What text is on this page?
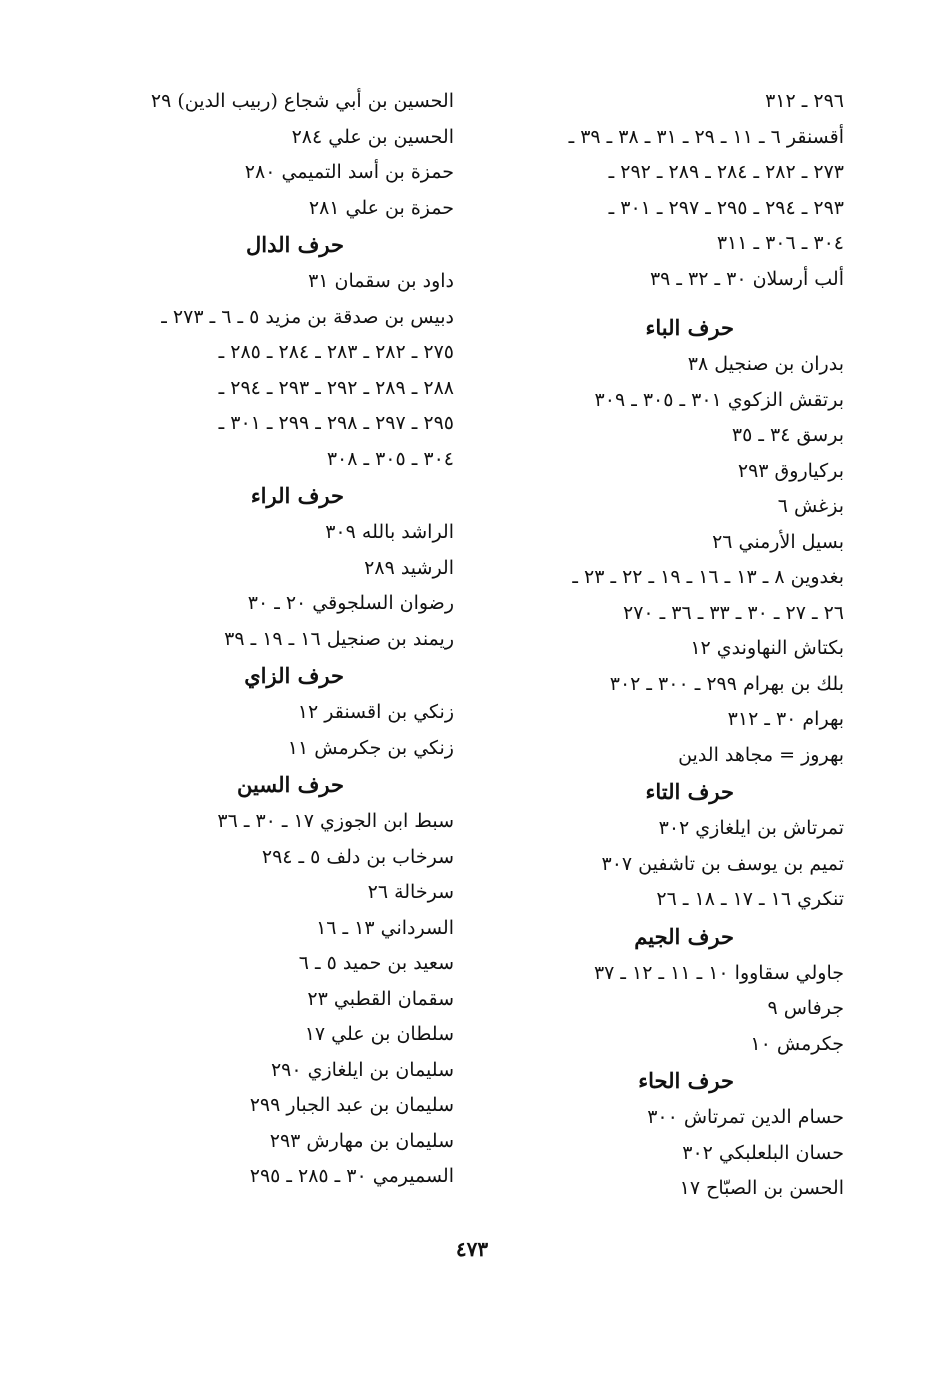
٢٩٦ ـ ٣١٢
أقسنقر ٦ ـ ١١ ـ ٢٩ ـ ٣١ ـ ٣٨ ـ ٣٩ ـ
٢٧٣ ـ ٢٨٢ ـ ٢٨٤ ـ ٢٨٩ ـ ٢٩٢ ـ
٢٩٣ ـ ٢٩٤ ـ ٢٩٥ ـ ٢٩٧ ـ ٣٠١ ـ
٣٠٤ ـ ٣٠٦ ـ ٣١١
ألب أرسلان ٣٠ ـ ٣٢ ـ ٣٩
حرف الباء
بدران بن صنجيل ٣٨
برتقش الزكوي ٣٠١ ـ ٣٠٥ ـ ٣٠٩
برسق ٣٤ ـ ٣٥
بركياروق ٢٩٣
بزغش ٦
بسيل الأرمني ٢٦
بغدوين ٨ ـ ١٣ ـ ١٦ ـ ١٩ ـ ٢٢ ـ ٢٣ ـ
٢٦ ـ ٢٧ ـ ٣٠ ـ ٣٣ ـ ٣٦ ـ ٢٧٠
بكتاش النهاوندي ١٢
بلك بن بهرام ٢٩٩ ـ ٣٠٠ ـ ٣٠٢
بهرام ٣٠ ـ ٣١٢
بهروز = مجاهد الدين
حرف التاء
تمرتاش بن ايلغازي ٣٠٢
تميم بن يوسف بن تاشفين ٣٠٧
تنكري ١٦ ـ ١٧ ـ ١٨ ـ ٢٦
حرف الجيم
جاولي سقاووا ١٠ ـ ١١ ـ ١٢ ـ ٣٧
جرفاس ٩
جكرمش ١٠
حرف الحاء
حسام الدين تمرتاش ٣٠٠
حسان البلعلبكي ٣٠٢
الحسن بن الصبّاح ١٧
الحسين بن أبي شجاع (ربيب الدين) ٢٩
الحسين بن علي ٢٨٤
حمزة بن أسد التميمي ٢٨٠
حمزة بن علي ٢٨١
حرف الدال
داود بن سقمان ٣١
دبيس بن صدقة بن مزيد ٥ ـ ٦ ـ ٢٧٣ ـ
٢٧٥ ـ ٢٨٢ ـ ٢٨٣ ـ ٢٨٤ ـ ٢٨٥ ـ
٢٨٨ ـ ٢٨٩ ـ ٢٩٢ ـ ٢٩٣ ـ ٢٩٤ ـ
٢٩٥ ـ ٢٩٧ ـ ٢٩٨ ـ ٢٩٩ ـ ٣٠١ ـ
٣٠٤ ـ ٣٠٥ ـ ٣٠٨
حرف الراء
الراشد بالله ٣٠٩
الرشيد ٢٨٩
رضوان السلجوقي ٢٠ ـ ٣٠
ريمند بن صنجيل ١٦ ـ ١٩ ـ ٣٩
حرف الزاي
زنكي بن اقسنقر ١٢
زنكي بن جكرمش ١١
حرف السين
سبط ابن الجوزي ١٧ ـ ٣٠ ـ ٣٦
سرخاب بن دلف ٥ ـ ٢٩٤
سرخالة ٢٦
السرداني ١٣ ـ ١٦
سعيد بن حميد ٥ ـ ٦
سقمان القطبي ٢٣
سلطان بن علي ١٧
سليمان بن ايلغازي ٢٩٠
سليمان بن عبد الجبار ٢٩٩
سليمان بن مهارش ٢٩٣
السميرمي ٣٠ ـ ٢٨٥ ـ ٢٩٥
٤٧٣
